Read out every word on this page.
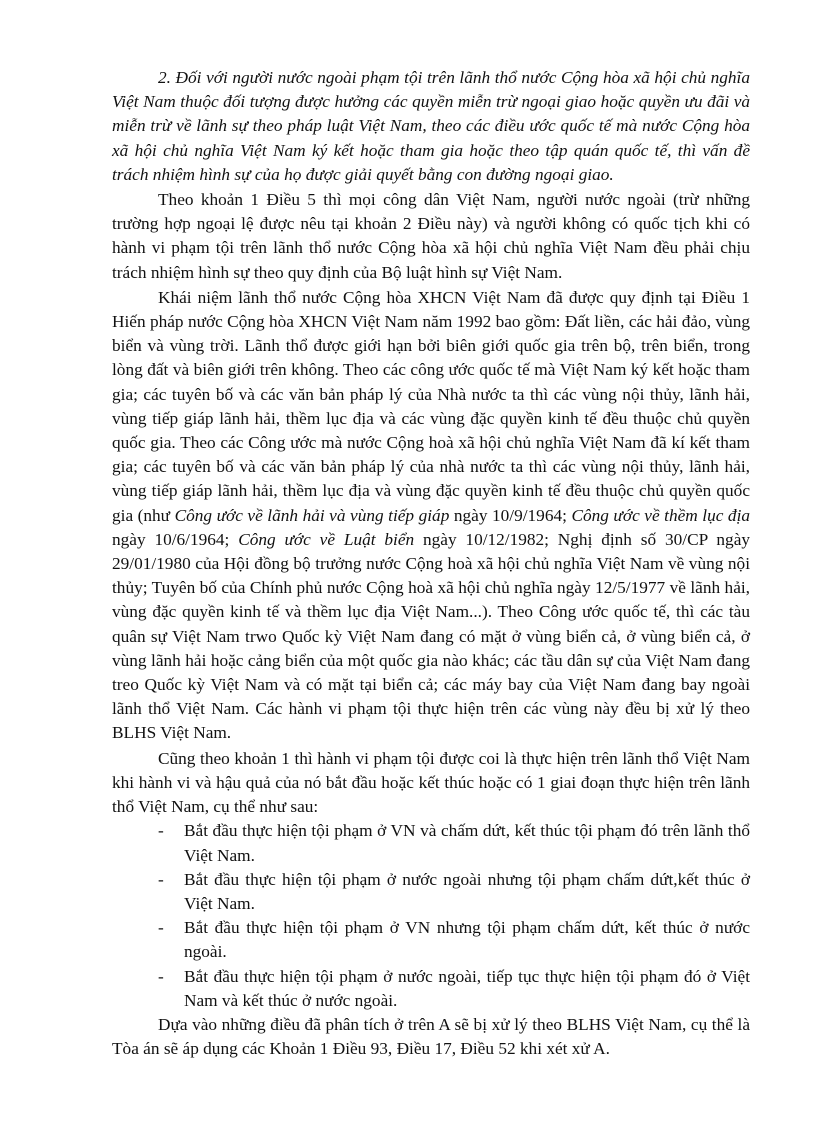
2. Đối với người nước ngoài phạm tội trên lãnh thổ nước Cộng hòa xã hội chủ nghĩa Việt Nam thuộc đối tượng được hưởng các quyền miễn trừ ngoại giao hoặc quyền ưu đãi và miễn trừ về lãnh sự theo pháp luật Việt Nam, theo các điều ước quốc tế mà nước Cộng hòa xã hội chủ nghĩa Việt Nam ký kết hoặc tham gia hoặc theo tập quán quốc tế, thì vấn đề trách nhiệm hình sự của họ được giải quyết bằng con đường ngoại giao.

Theo khoản 1 Điều 5 thì mọi công dân Việt Nam, người nước ngoài (trừ những trường hợp ngoại lệ được nêu tại khoản 2 Điều này) và người không có quốc tịch khi có hành vi phạm tội trên lãnh thổ nước Cộng hòa xã hội chủ nghĩa Việt Nam đều phải chịu trách nhiệm hình sự theo quy định của Bộ luật hình sự Việt Nam.

Khái niệm lãnh thổ nước Cộng hòa XHCN Việt Nam đã được quy định tại Điều 1 Hiến pháp nước Cộng hòa XHCN Việt Nam năm 1992 bao gồm: Đất liền, các hải đảo, vùng biển và vùng trời. Lãnh thổ được giới hạn bởi biên giới quốc gia trên bộ, trên biển, trong lòng đất và biên giới trên không. Theo các công ước quốc tế mà Việt Nam ký kết hoặc tham gia; các tuyên bố và các văn bản pháp lý của Nhà nước ta thì các vùng nội thủy, lãnh hải, vùng tiếp giáp lãnh hải, thềm lục địa và các vùng đặc quyền kinh tế đều thuộc chủ quyền quốc gia. Theo các Công ước mà nước Cộng hoà xã hội chủ nghĩa Việt Nam đã kí kết tham gia; các tuyên bố và các văn bản pháp lý của nhà nước ta thì các vùng nội thủy, lãnh hải, vùng tiếp giáp lãnh hải, thềm lục địa và vùng đặc quyền kinh tế đều thuộc chủ quyền quốc gia (như Công ước về lãnh hải và vùng tiếp giáp ngày 10/9/1964; Công ước về thềm lục địa ngày 10/6/1964; Công ước về Luật biển ngày 10/12/1982; Nghị định số 30/CP ngày 29/01/1980 của Hội đồng bộ trưởng nước Cộng hoà xã hội chủ nghĩa Việt Nam về vùng nội thủy; Tuyên bố của Chính phủ nước Cộng hoà xã hội chủ nghĩa ngày 12/5/1977 về lãnh hải, vùng đặc quyền kinh tế và thềm lục địa Việt Nam...). Theo Công ước quốc tế, thì các tàu quân sự Việt Nam trwo Quốc kỳ Việt Nam đang có mặt ở vùng biển cả, ở vùng biển cả, ở vùng lãnh hải hoặc cảng biển của một quốc gia nào khác; các tầu dân sự của Việt Nam đang treo Quốc kỳ Việt Nam và có mặt tại biển cả; các máy bay của Việt Nam đang bay ngoài lãnh thổ Việt Nam. Các hành vi phạm tội thực hiện trên các vùng này đều bị xử lý theo BLHS Việt Nam.

Cũng theo khoản 1 thì hành vi phạm tội được coi là thực hiện trên lãnh thổ Việt Nam khi hành vi và hậu quả của nó bắt đầu hoặc kết thúc hoặc có 1 giai đoạn thực hiện trên lãnh thổ Việt Nam, cụ thể như sau:

- Bắt đầu thực hiện tội phạm ở VN và chấm dứt, kết thúc tội phạm đó trên lãnh thổ Việt Nam.
- Bắt đầu thực hiện tội phạm ở nước ngoài nhưng tội phạm chấm dứt,kết thúc ở Việt Nam.
- Bắt đầu thực hiện tội phạm ở VN nhưng tội phạm chấm dứt, kết thúc ở nước ngoài.
- Bắt đầu thực hiện tội phạm ở nước ngoài, tiếp tục thực hiện tội phạm đó ở Việt Nam và kết thúc ở nước ngoài.

Dựa vào những điều đã phân tích ở trên A sẽ bị xử lý theo BLHS Việt Nam, cụ thể là Tòa án sẽ áp dụng các Khoản 1 Điều 93, Điều 17, Điều 52 khi xét xử A.
